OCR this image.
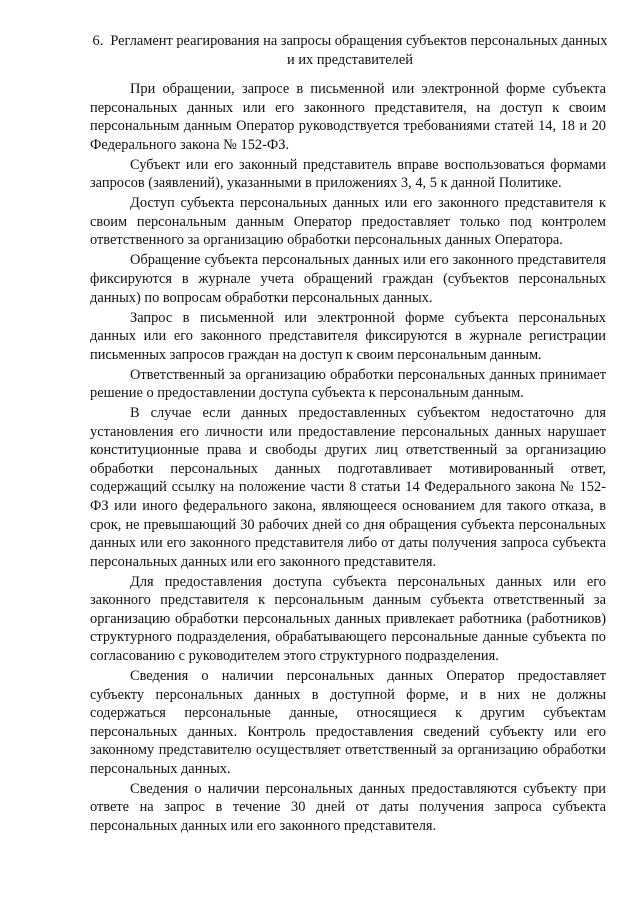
6. Регламент реагирования на запросы обращения субъектов персональных данных и их представителей

При обращении, запросе в письменной или электронной форме субъекта персональных данных или его законного представителя, на доступ к своим персональным данным Оператор руководствуется требованиями статей 14, 18 и 20 Федерального закона № 152-ФЗ.

Субъект или его законный представитель вправе воспользоваться формами запросов (заявлений), указанными в приложениях 3, 4, 5 к данной Политике.

Доступ субъекта персональных данных или его законного представителя к своим персональным данным Оператор предоставляет только под контролем ответственного за организацию обработки персональных данных Оператора.

Обращение субъекта персональных данных или его законного представителя фиксируются в журнале учета обращений граждан (субъектов персональных данных) по вопросам обработки персональных данных.

Запрос в письменной или электронной форме субъекта персональных данных или его законного представителя фиксируются в журнале регистрации письменных запросов граждан на доступ к своим персональным данным.

Ответственный за организацию обработки персональных данных принимает решение о предоставлении доступа субъекта к персональным данным.

В случае если данных предоставленных субъектом недостаточно для установления его личности или предоставление персональных данных нарушает конституционные права и свободы других лиц ответственный за организацию обработки персональных данных подготавливает мотивированный ответ, содержащий ссылку на положение части 8 статьи 14 Федерального закона № 152-ФЗ или иного федерального закона, являющееся основанием для такого отказа, в срок, не превышающий 30 рабочих дней со дня обращения субъекта персональных данных или его законного представителя либо от даты получения запроса субъекта персональных данных или его законного представителя.

Для предоставления доступа субъекта персональных данных или его законного представителя к персональным данным субъекта ответственный за организацию обработки персональных данных привлекает работника (работников) структурного подразделения, обрабатывающего персональные данные субъекта по согласованию с руководителем этого структурного подразделения.

Сведения о наличии персональных данных Оператор предоставляет субъекту персональных данных в доступной форме, и в них не должны содержаться персональные данные, относящиеся к другим субъектам персональных данных. Контроль предоставления сведений субъекту или его законному представителю осуществляет ответственный за организацию обработки персональных данных.

Сведения о наличии персональных данных предоставляются субъекту при ответе на запрос в течение 30 дней от даты получения запроса субъекта персональных данных или его законного представителя.
